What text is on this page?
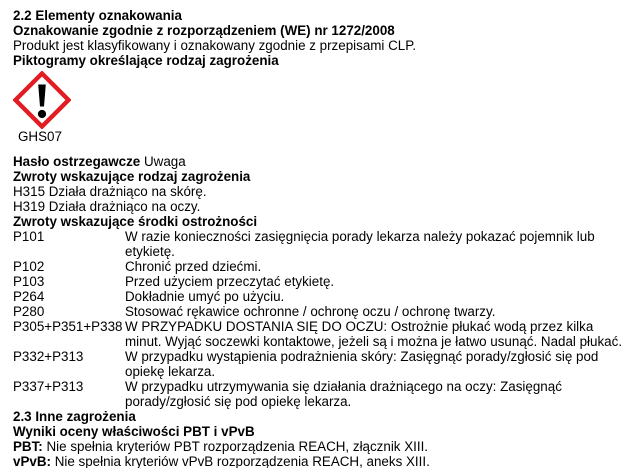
2.2 Elementy oznakowania
Oznakowanie zgodnie z rozporządzeniem (WE) nr 1272/2008
Produkt jest klasyfikowany i oznakowany zgodnie z przepisami CLP.
Piktogramy określające rodzaj zagrożenia
GHS07
Hasło ostrzegawcze Uwaga
Zwroty wskazujące rodzaj zagrożenia
H315 Działa drażniąco na skórę.
H319 Działa drażniąco na oczy.
Zwroty wskazujące środki ostrożności
P101	W razie konieczności zasięgnięcia porady lekarza należy pokazać pojemnik lub etykietę.
P102	Chronić przed dziećmi.
P103	Przed użyciem przeczytać etykietę.
P264	Dokładnie umyć po użyciu.
P280	Stosować rękawice ochronne / ochronę oczu / ochronę twarzy.
P305+P351+P338 W PRZYPADKU DOSTANIA SIĘ DO OCZU: Ostrożnie płukać wodą przez kilka minut. Wyjąć soczewki kontaktowe, jeżeli są i można je łatwo usunąć. Nadal płukać.
P332+P313	W przypadku wystąpienia podrażnienia skóry: Zasięgnąć porady/zgłosić się pod opiekę lekarza.
P337+P313	W przypadku utrzymywania się działania drażniącego na oczy: Zasięgnąć porady/zgłosić się pod opiekę lekarza.
2.3 Inne zagrożenia
Wyniki oceny właściwości PBT i vPvB
PBT: Nie spełnia kryteriów PBT rozporządzenia REACH, złącznik XIII.
vPvB: Nie spełnia kryteriów vPvB rozporządzenia REACH, aneks XIII.
